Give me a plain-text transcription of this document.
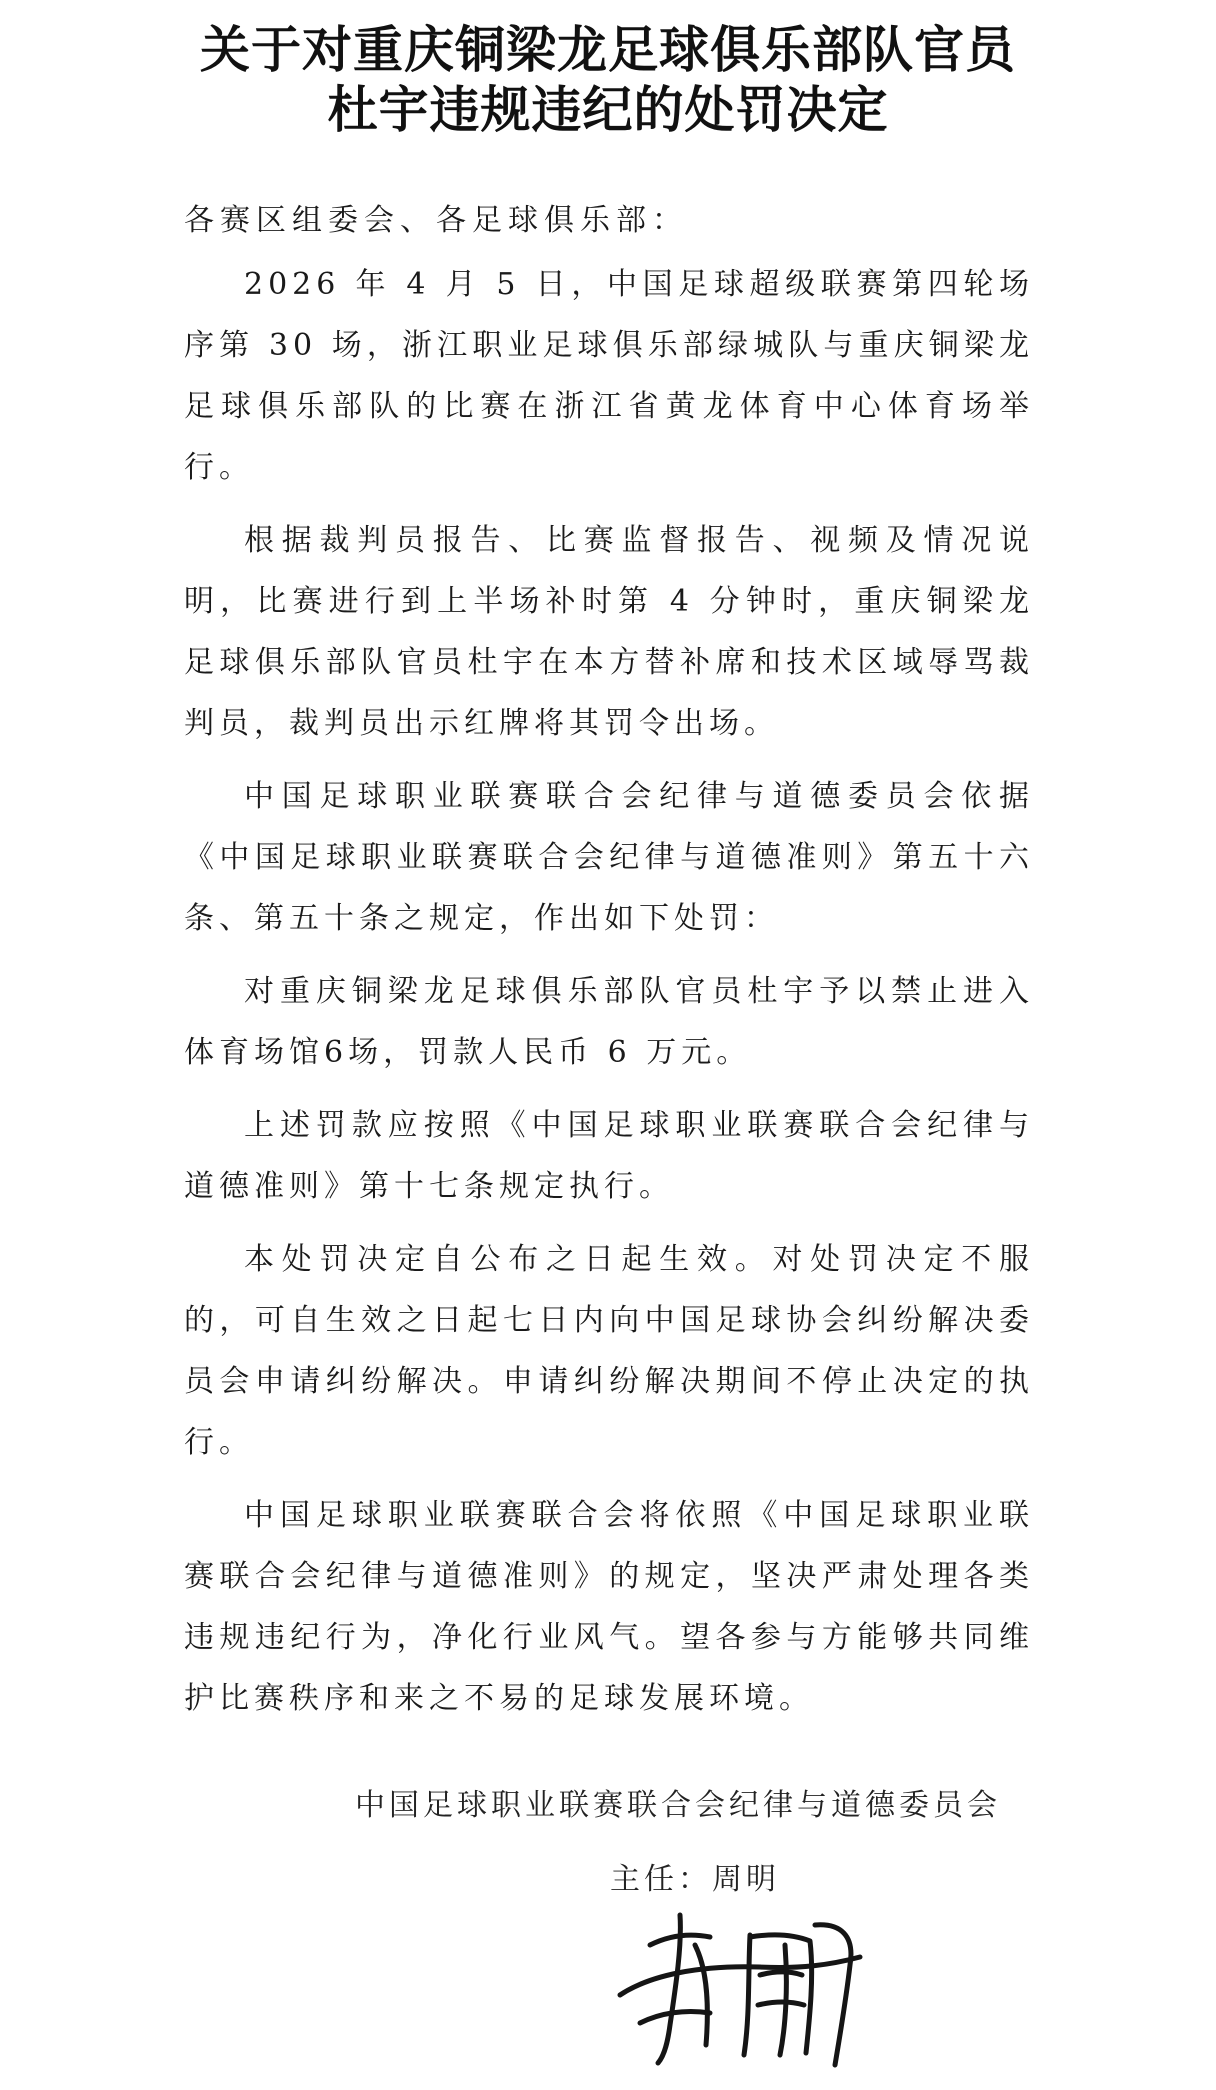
关于对重庆铜梁龙足球俱乐部队官员
杜宇违规违纪的处罚决定
各赛区组委会、各足球俱乐部：

2026 年 4 月 5 日，中国足球超级联赛第四轮场序第 30 场，浙江职业足球俱乐部绿城队与重庆铜梁龙足球俱乐部队的比赛在浙江省黄龙体育中心体育场举行。

根据裁判员报告、比赛监督报告、视频及情况说明，比赛进行到上半场补时第 4 分钟时，重庆铜梁龙足球俱乐部队官员杜宇在本方替补席和技术区域辱骂裁判员，裁判员出示红牌将其罚令出场。

中国足球职业联赛联合会纪律与道德委员会依据《中国足球职业联赛联合会纪律与道德准则》第五十六条、第五十条之规定，作出如下处罚：

对重庆铜梁龙足球俱乐部队官员杜宇予以禁止进入体育场馆6场，罚款人民币 6 万元。

上述罚款应按照《中国足球职业联赛联合会纪律与道德准则》第十七条规定执行。

本处罚决定自公布之日起生效。对处罚决定不服的，可自生效之日起七日内向中国足球协会纠纷解决委员会申请纠纷解决。申请纠纷解决期间不停止决定的执行。

中国足球职业联赛联合会将依照《中国足球职业联赛联合会纪律与道德准则》的规定，坚决严肃处理各类违规违纪行为，净化行业风气。望各参与方能够共同维护比赛秩序和来之不易的足球发展环境。

中国足球职业联赛联合会纪律与道德委员会
主任：周明
